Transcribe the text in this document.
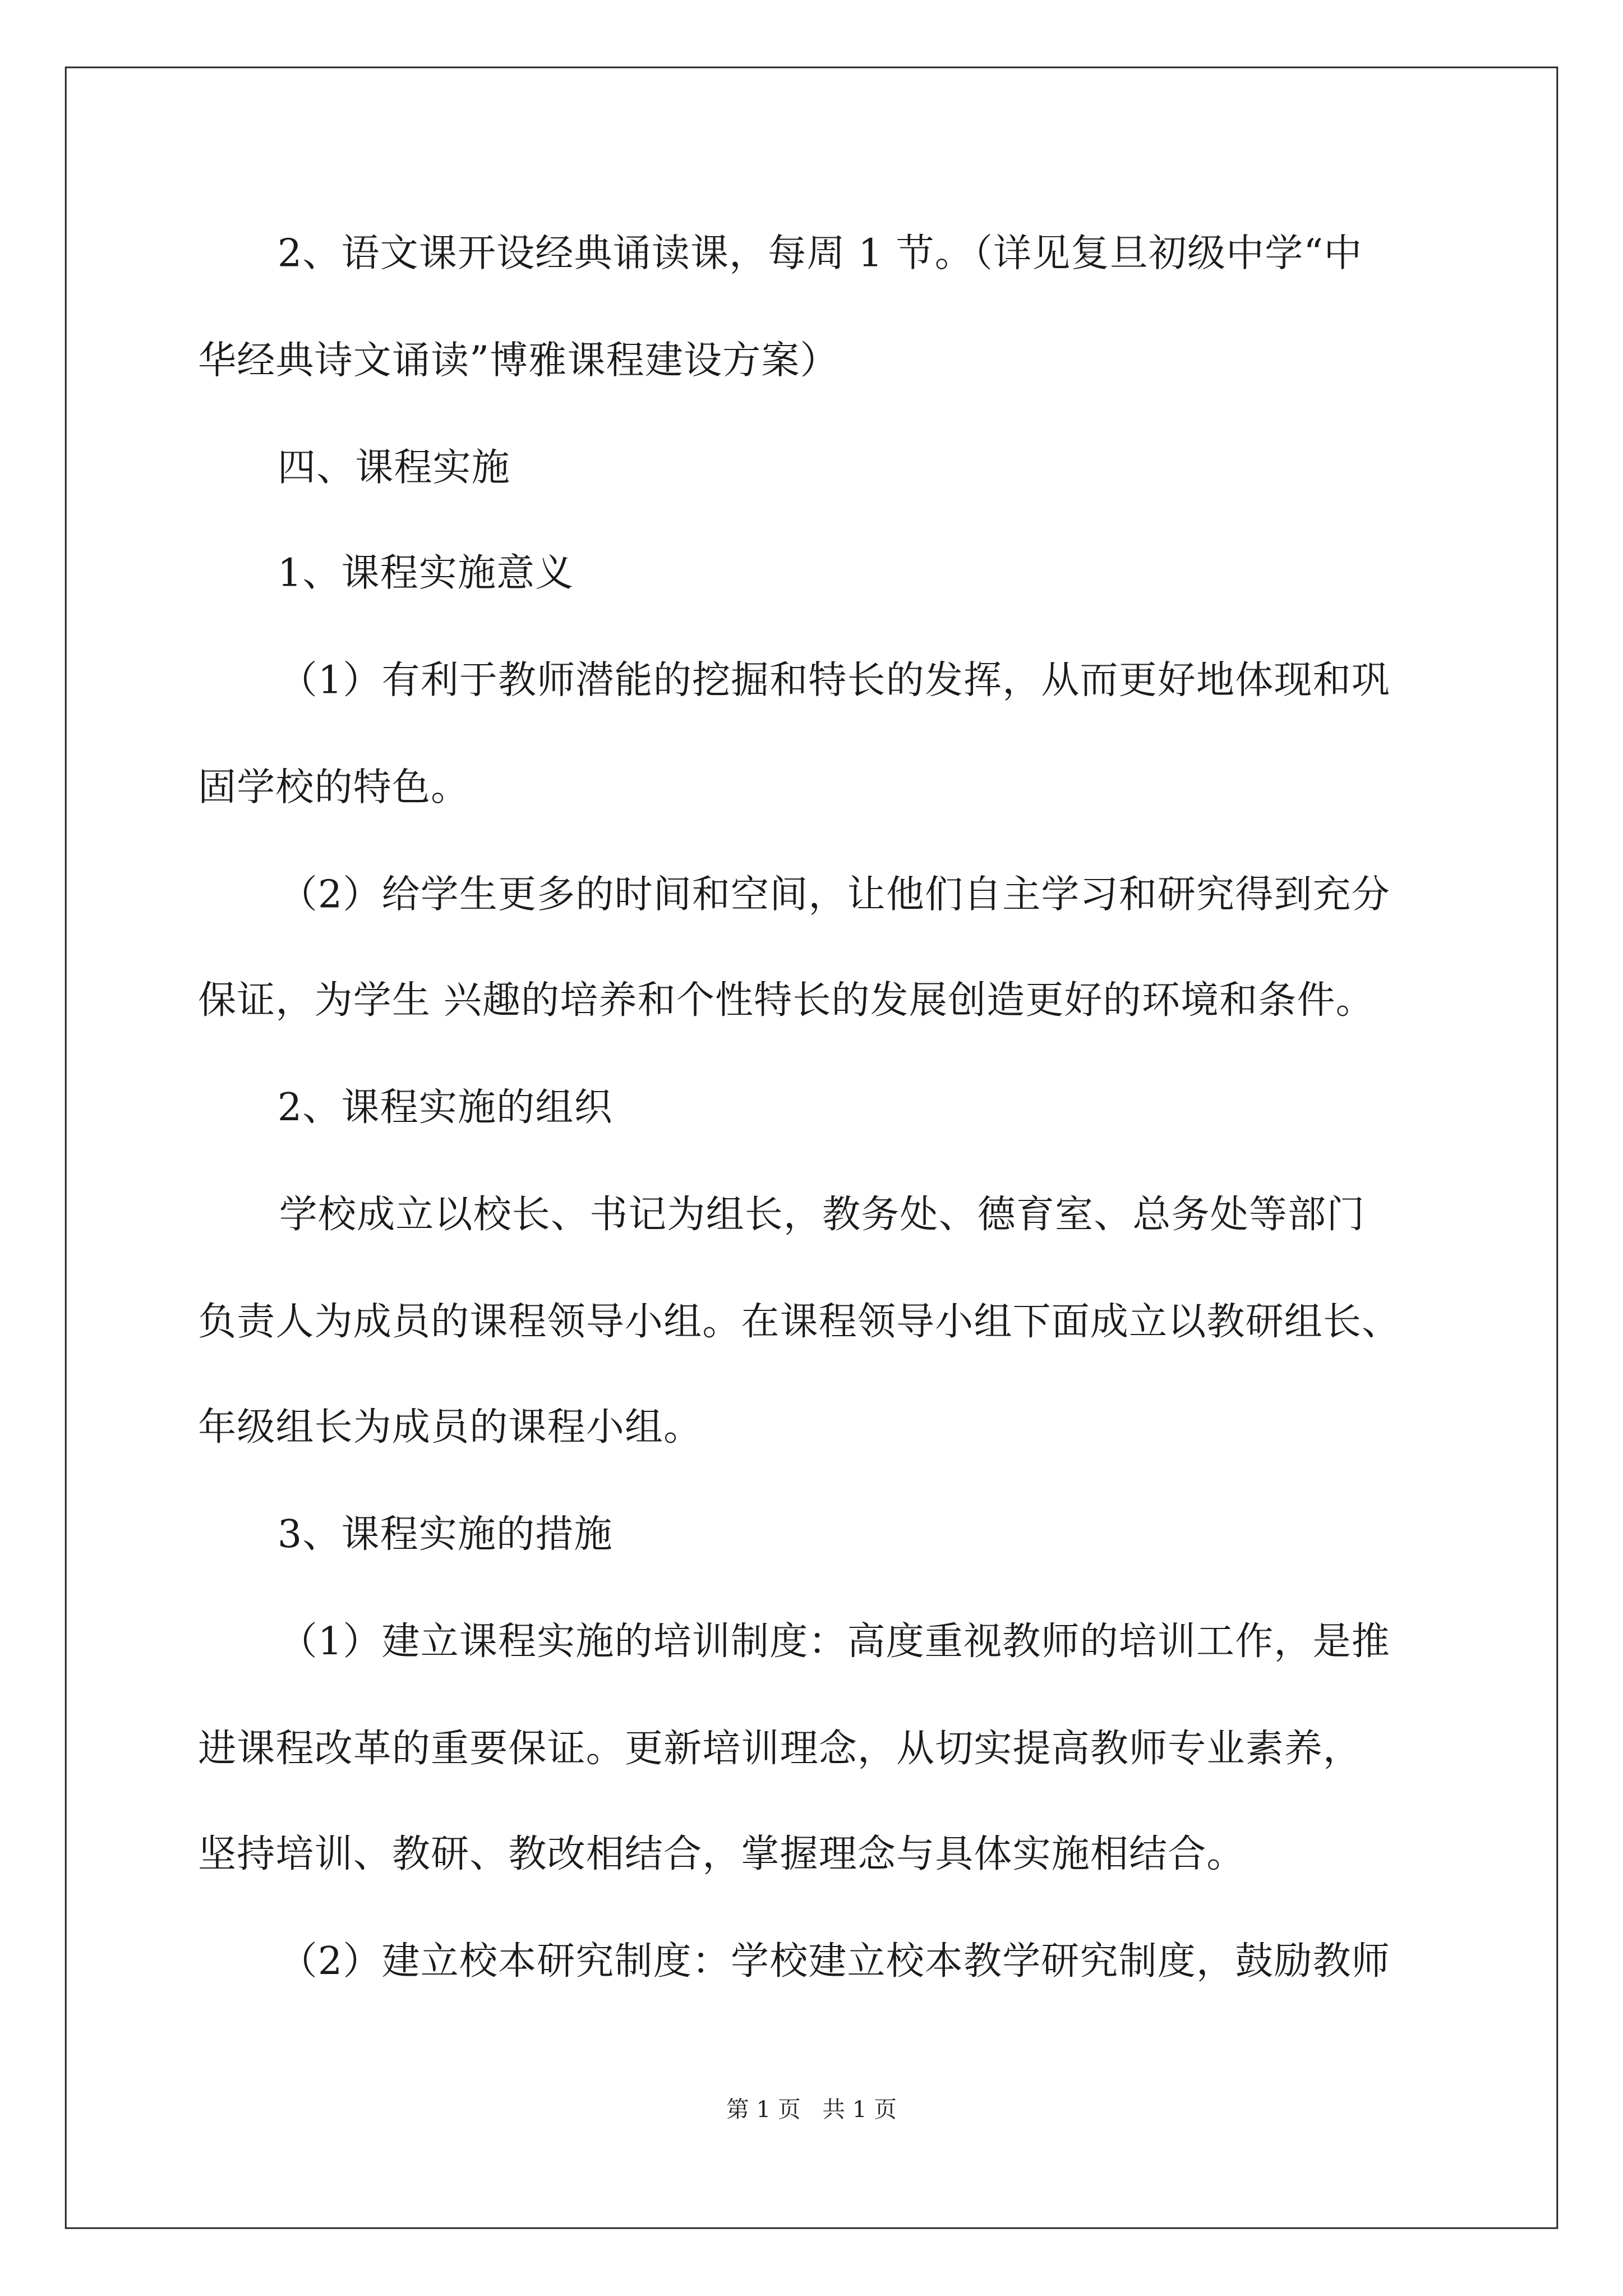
2、语文课开设经典诵读课，每周 1 节。（详见复旦初级中学“中

华经典诗文诵读”博雅课程建设方案）

四、课程实施

1、课程实施意义

（1）有利于教师潜能的挖掘和特长的发挥，从而更好地体现和巩

固学校的特色。

（2）给学生更多的时间和空间，让他们自主学习和研究得到充分

保证，为学生 兴趣的培养和个性特长的发展创造更好的环境和条件。

2、课程实施的组织

学校成立以校长、书记为组长，教务处、德育室、总务处等部门

负责人为成员的课程领导小组。在课程领导小组下面成立以教研组长、

年级组长为成员的课程小组。

3、课程实施的措施

（1）建立课程实施的培训制度：高度重视教师的培训工作，是推

进课程改革的重要保证。更新培训理念，从切实提高教师专业素养，

坚持培训、教研、教改相结合，掌握理念与具体实施相结合。

（2）建立校本研究制度：学校建立校本教学研究制度，鼓励教师

第 1 页   共 1 页
